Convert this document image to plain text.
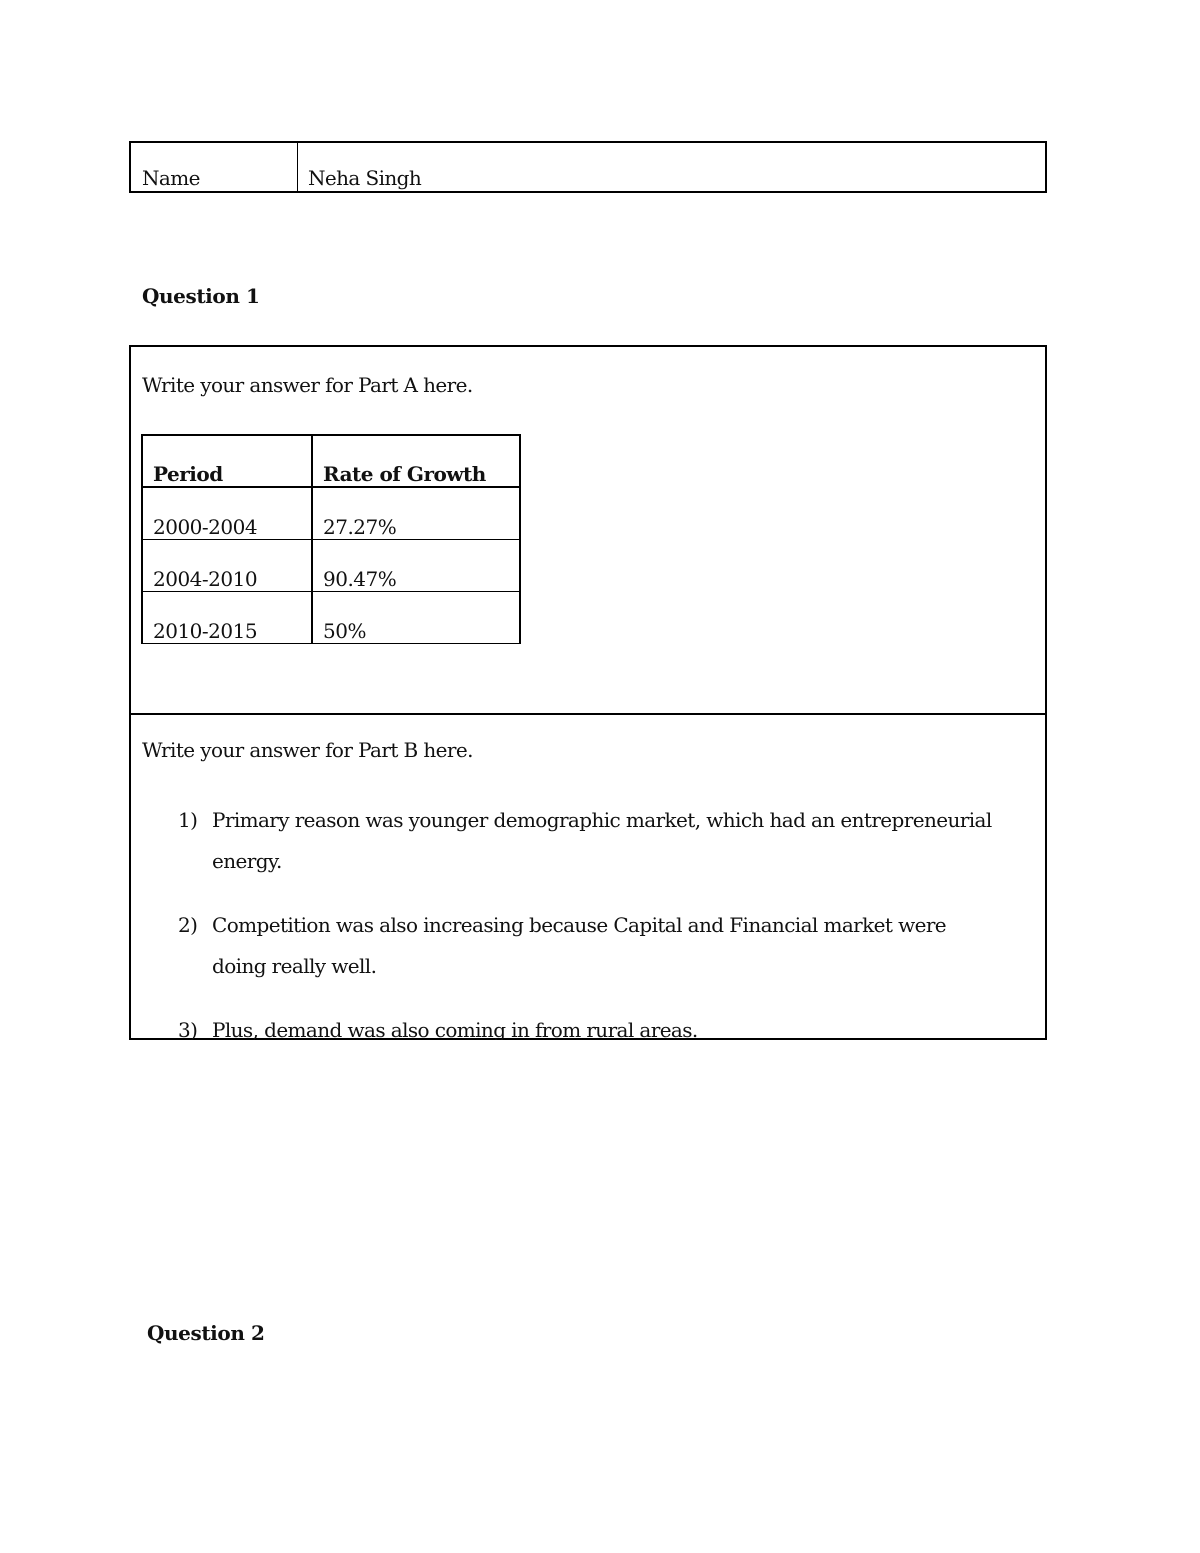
Name	Neha Singh
Question 1
Write your answer for Part A here.
Period	Rate of Growth
2000-2004	27.27%
2004-2010	90.47%
2010-2015	50%
Write your answer for Part B here.
1) Primary reason was younger demographic market, which had an entrepreneurial energy.
2) Competition was also increasing because Capital and Financial market were doing really well.
3) Plus, demand was also coming in from rural areas.
Question 2
